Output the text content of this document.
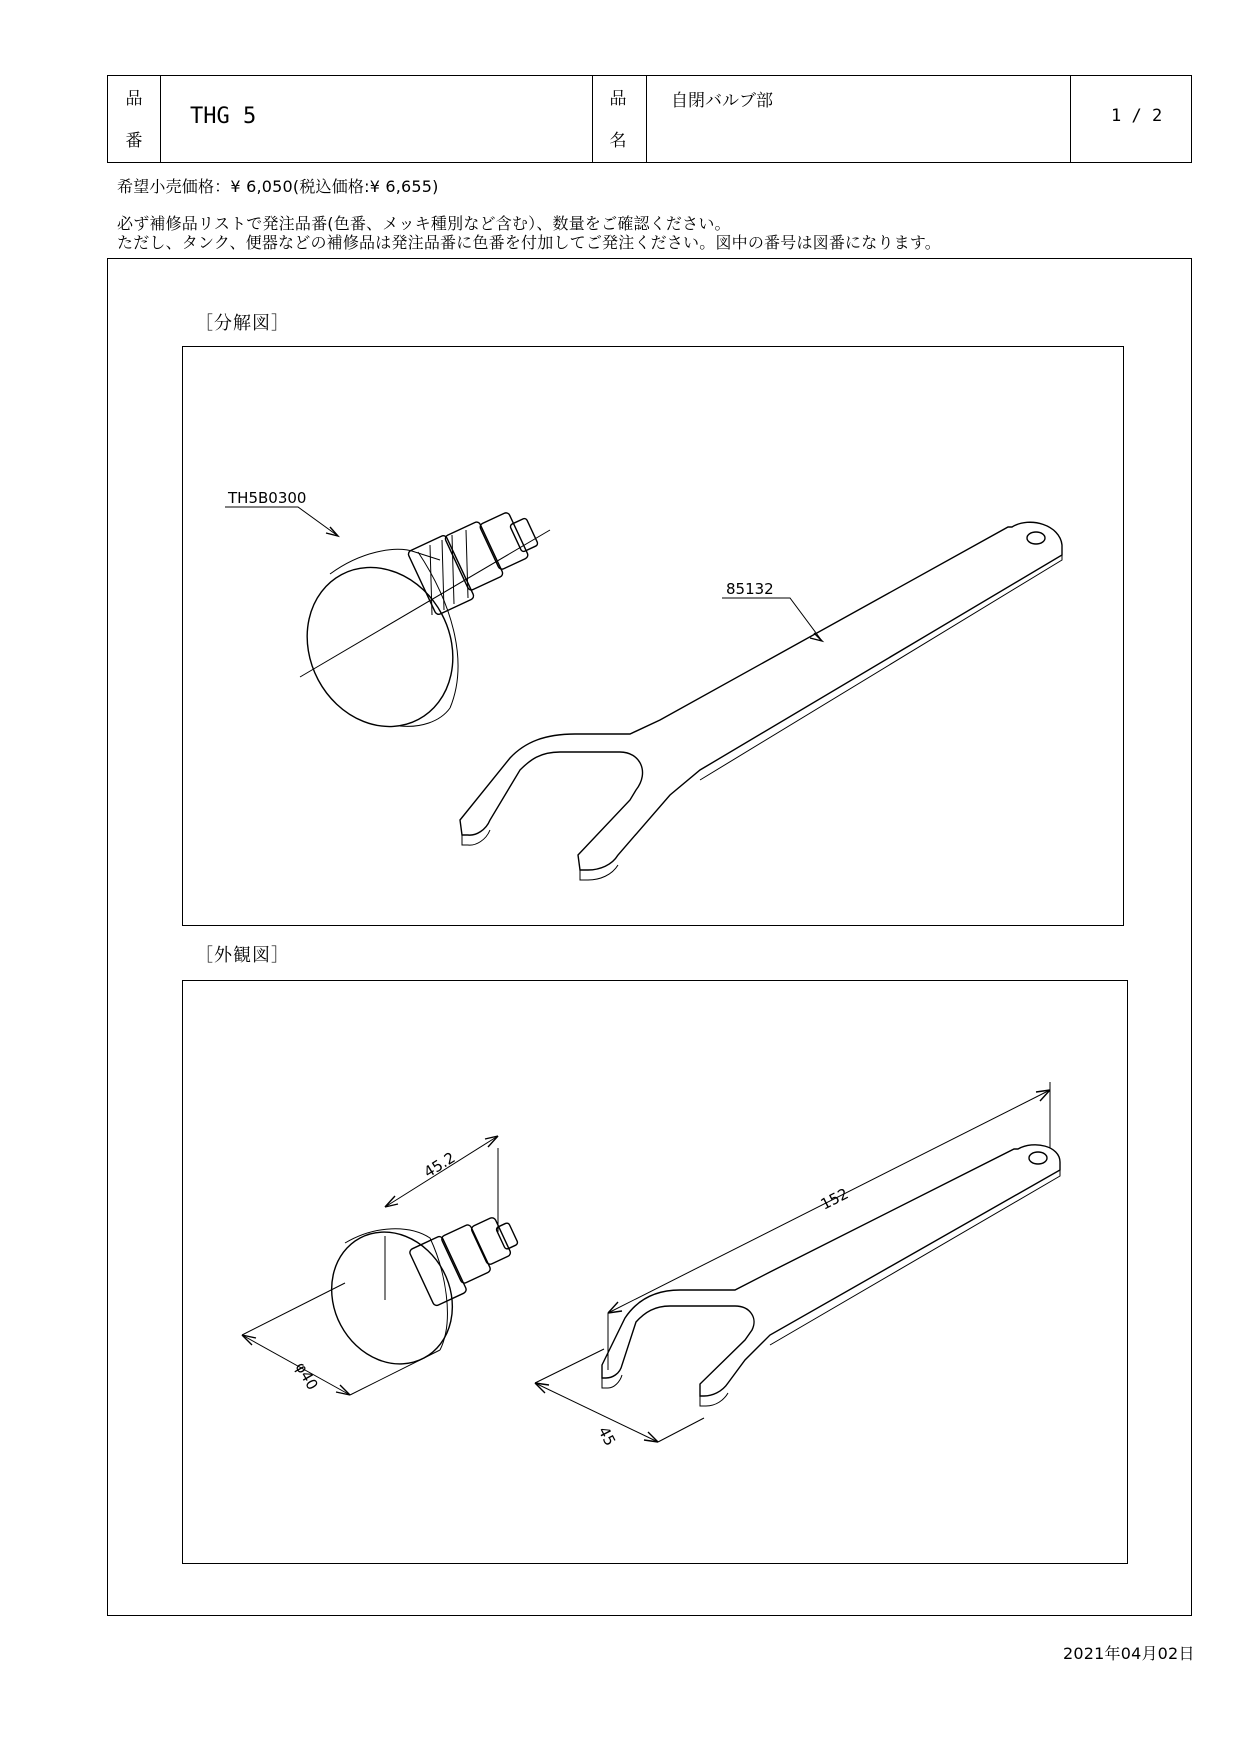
品
番
THG 5
品
名
自閉バルブ部
1 / 2
希望小売価格：¥ 6,050(税込価格:¥ 6,655)
必ず補修品リストで発注品番(色番、メッキ種別など含む）、数量をご確認ください。
ただし、タンク、便器などの補修品は発注品番に色番を付加してご発注ください。図中の番号は図番になります。
［分解図］
［外観図］
TH5B0300
85132
45.2
φ40
152
45
2021年04月02日
